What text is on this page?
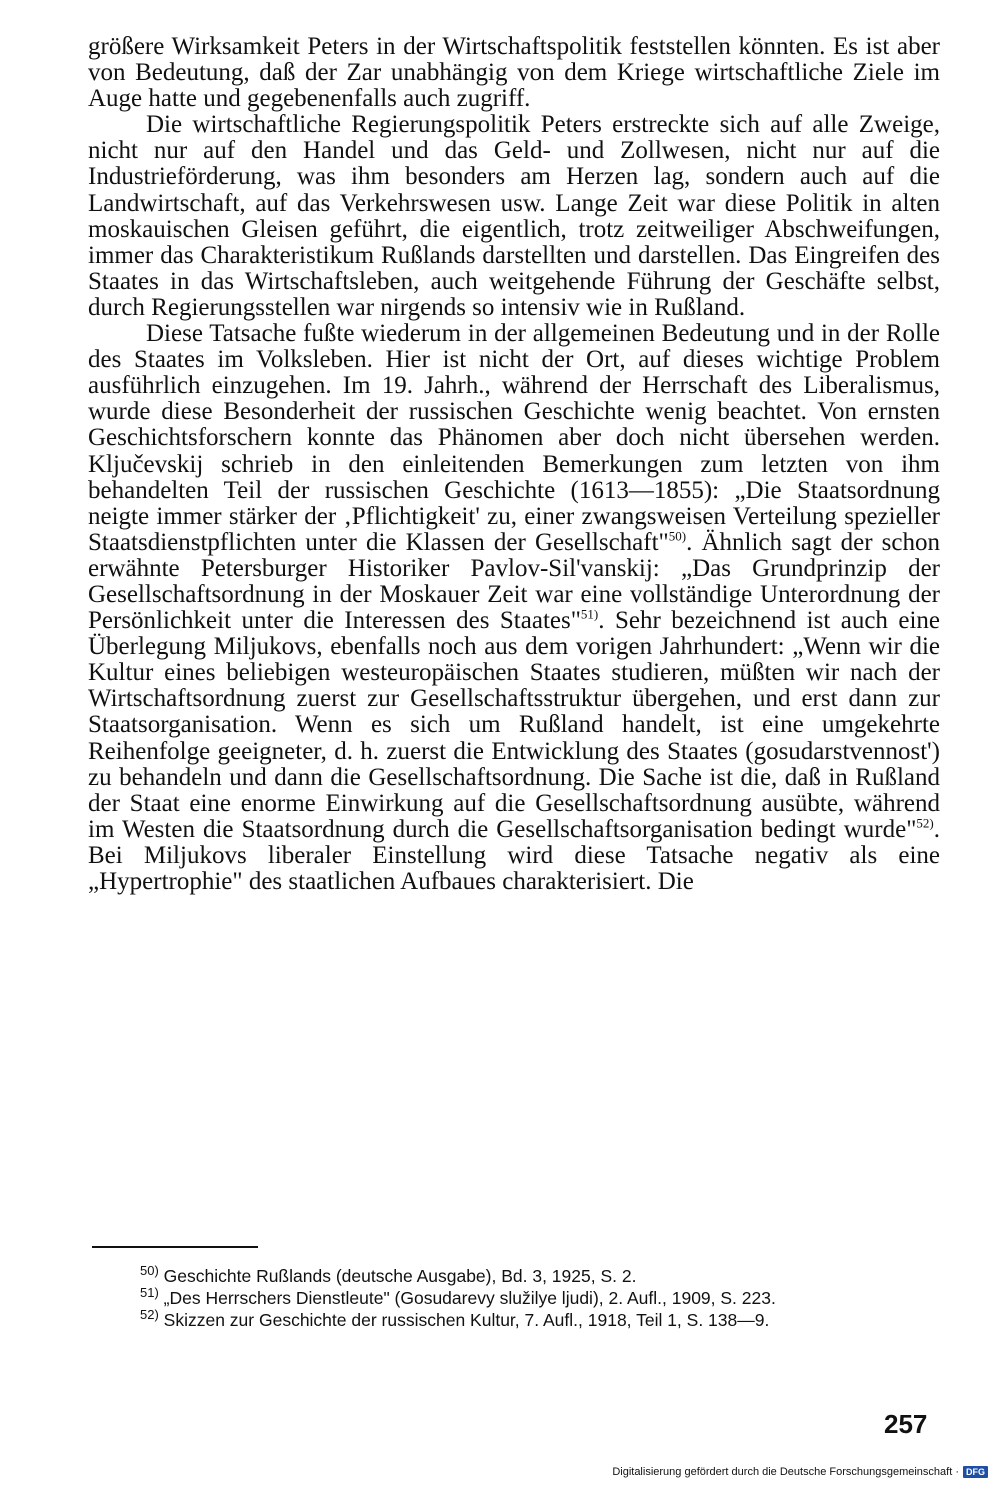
größere Wirksamkeit Peters in der Wirtschaftspolitik feststellen könnten. Es ist aber von Bedeutung, daß der Zar unabhängig von dem Kriege wirtschaftliche Ziele im Auge hatte und gegebenenfalls auch zugriff.

Die wirtschaftliche Regierungspolitik Peters erstreckte sich auf alle Zweige, nicht nur auf den Handel und das Geld- und Zollwesen, nicht nur auf die Industrieförderung, was ihm besonders am Herzen lag, sondern auch auf die Landwirtschaft, auf das Verkehrswesen usw. Lange Zeit war diese Politik in alten moskauischen Gleisen geführt, die eigentlich, trotz zeitweiliger Abschweifungen, immer das Charakteristikum Rußlands darstellten und darstellen. Das Eingreifen des Staates in das Wirtschaftsleben, auch weitgehende Führung der Geschäfte selbst, durch Regierungsstellen war nirgends so intensiv wie in Rußland.

Diese Tatsache fußte wiederum in der allgemeinen Bedeutung und in der Rolle des Staates im Volksleben. Hier ist nicht der Ort, auf dieses wichtige Problem ausführlich einzugehen. Im 19. Jahrh., während der Herrschaft des Liberalismus, wurde diese Besonderheit der russischen Geschichte wenig beachtet. Von ernsten Geschichtsforschern konnte das Phänomen aber doch nicht übersehen werden. Ključevskij schrieb in den einleitenden Bemerkungen zum letzten von ihm behandelten Teil der russischen Geschichte (1613—1855): „Die Staatsordnung neigte immer stärker der ‚Pflichtigkeit' zu, einer zwangsweisen Verteilung spezieller Staatsdienstpflichten unter die Klassen der Gesellschaft"$^{50)}$. Ähnlich sagt der schon erwähnte Petersburger Historiker Pavlov-Sil'vanskij: „Das Grundprinzip der Gesellschaftsordnung in der Moskauer Zeit war eine vollständige Unterordnung der Persönlichkeit unter die Interessen des Staates"$^{51)}$. Sehr bezeichnend ist auch eine Überlegung Miljukovs, ebenfalls noch aus dem vorigen Jahrhundert: „Wenn wir die Kultur eines beliebigen westeuropäischen Staates studieren, müßten wir nach der Wirtschaftsordnung zuerst zur Gesellschaftsstruktur übergehen, und erst dann zur Staatsorganisation. Wenn es sich um Rußland handelt, ist eine umgekehrte Reihenfolge geeigneter, d. h. zuerst die Entwicklung des Staates (gosudarstvennost') zu behandeln und dann die Gesellschaftsordnung. Die Sache ist die, daß in Rußland der Staat eine enorme Einwirkung auf die Gesellschaftsordnung ausübte, während im Westen die Staatsordnung durch die Gesellschaftsorganisation bedingt wurde"$^{52)}$. Bei Miljukovs liberaler Einstellung wird diese Tatsache negativ als eine „Hypertrophie" des staatlichen Aufbaues charakterisiert. Die

$^{50)}$ Geschichte Rußlands (deutsche Ausgabe), Bd. 3, 1925, S. 2.

$^{51)}$ „Des Herrschers Dienstleute" (Gosudarevy služilye ljudi), 2. Aufl., 1909, S. 223.

$^{52)}$ Skizzen zur Geschichte der russischen Kultur, 7. Aufl., 1918, Teil 1, S. 138—9.

257
Digitalisierung gefördert durch die Deutsche Forschungsgemeinschaft · DFG
